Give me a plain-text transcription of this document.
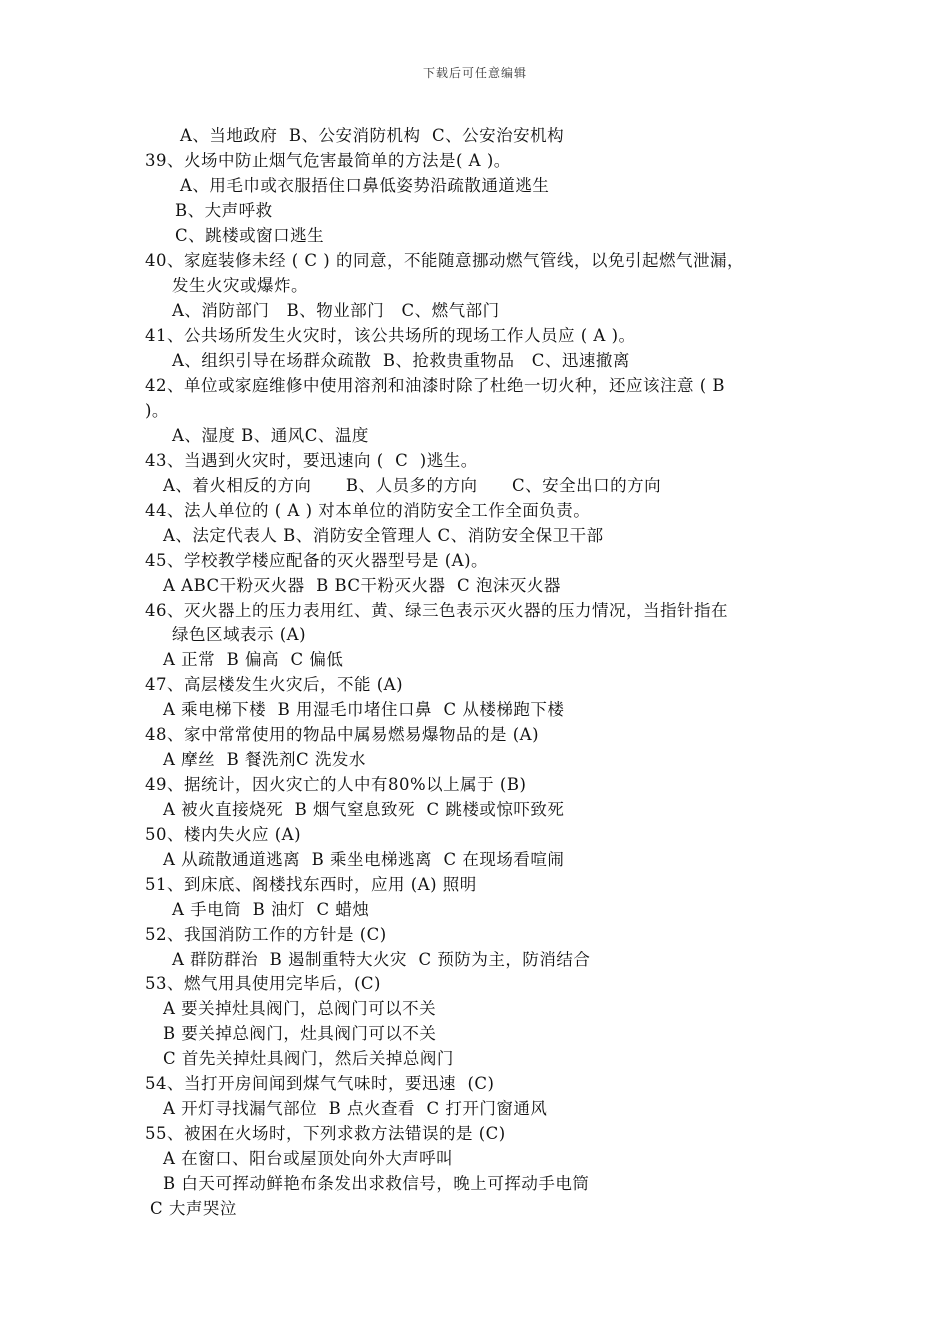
下载后可任意编辑
A、当地政府  B、公安消防机构  C、公安治安机构
39、火场中防止烟气危害最简单的方法是( A )。
A、用毛巾或衣服捂住口鼻低姿势沿疏散通道逃生
B、大声呼救
C、跳楼或窗口逃生
40、家庭装修未经 ( C ) 的同意，不能随意挪动燃气管线，以免引起燃气泄漏，
发生火灾或爆炸。
A、消防部门   B、物业部门   C、燃气部门
41、公共场所发生火灾时，该公共场所的现场工作人员应 ( A )。
A、组织引导在场群众疏散  B、抢救贵重物品   C、迅速撤离
42、单位或家庭维修中使用溶剂和油漆时除了杜绝一切火种，还应该注意 ( B
)。
A、湿度 B、通风C、温度
43、当遇到火灾时，要迅速向 (  C  )逃生。
A、着火相反的方向      B、人员多的方向      C、安全出口的方向
44、法人单位的 ( A ) 对本单位的消防安全工作全面负责。
A、法定代表人 B、消防安全管理人 C、消防安全保卫干部
45、学校教学楼应配备的灭火器型号是 (A)。
A ABC干粉灭火器  B BC干粉灭火器  C 泡沫灭火器
46、灭火器上的压力表用红、黄、绿三色表示灭火器的压力情况，当指针指在
绿色区域表示 (A)
A 正常  B 偏高  C 偏低
47、高层楼发生火灾后，不能 (A)
A 乘电梯下楼  B 用湿毛巾堵住口鼻  C 从楼梯跑下楼
48、家中常常使用的物品中属易燃易爆物品的是 (A)
A 摩丝  B 餐洗剂C 洗发水
49、据统计，因火灾亡的人中有80%以上属于 (B)
A 被火直接烧死  B 烟气窒息致死  C 跳楼或惊吓致死
50、楼内失火应 (A)
A 从疏散通道逃离  B 乘坐电梯逃离  C 在现场看喧闹
51、到床底、阁楼找东西时，应用 (A) 照明
A 手电筒  B 油灯  C 蜡烛
52、我国消防工作的方针是 (C)
A 群防群治  B 遏制重特大火灾  C 预防为主，防消结合
53、燃气用具使用完毕后，(C)
A 要关掉灶具阀门，总阀门可以不关
B 要关掉总阀门，灶具阀门可以不关
C 首先关掉灶具阀门，然后关掉总阀门
54、当打开房间闻到煤气气味时，要迅速  (C)
A 开灯寻找漏气部位  B 点火查看  C 打开门窗通风
55、被困在火场时，下列求救方法错误的是 (C)
A 在窗口、阳台或屋顶处向外大声呼叫
B 白天可挥动鲜艳布条发出求救信号，晚上可挥动手电筒
C 大声哭泣
